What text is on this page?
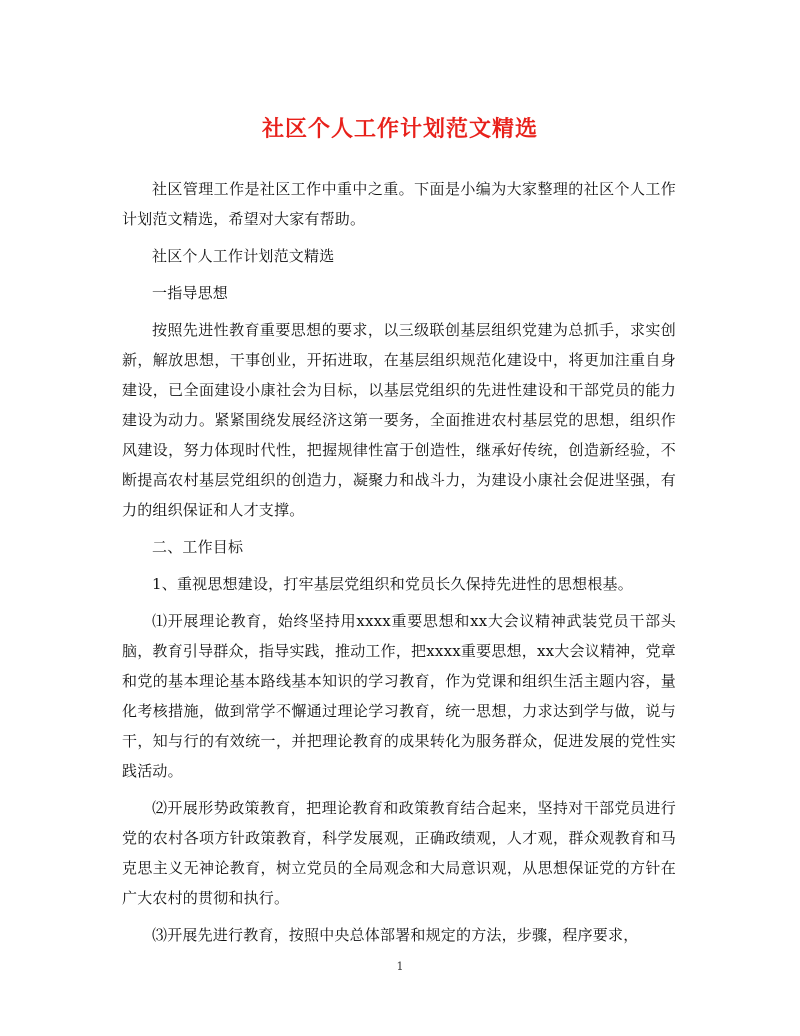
社区个人工作计划范文精选

社区管理工作是社区工作中重中之重。下面是小编为大家整理的社区个人工作计划范文精选，希望对大家有帮助。

社区个人工作计划范文精选

一指导思想

按照先进性教育重要思想的要求，以三级联创基层组织党建为总抓手，求实创新，解放思想，干事创业，开拓进取，在基层组织规范化建设中，将更加注重自身建设，已全面建设小康社会为目标，以基层党组织的先进性建设和干部党员的能力建设为动力。紧紧围绕发展经济这第一要务，全面推进农村基层党的思想，组织作风建设，努力体现时代性，把握规律性富于创造性，继承好传统，创造新经验，不断提高农村基层党组织的创造力，凝聚力和战斗力，为建设小康社会促进坚强，有力的组织保证和人才支撑。

二、工作目标

1、重视思想建设，打牢基层党组织和党员长久保持先进性的思想根基。

⑴开展理论教育，始终坚持用xxxx重要思想和xx大会议精神武装党员干部头脑，教育引导群众，指导实践，推动工作，把xxxx重要思想，xx大会议精神，党章和党的基本理论基本路线基本知识的学习教育，作为党课和组织生活主题内容，量化考核措施，做到常学不懈通过理论学习教育，统一思想，力求达到学与做，说与干，知与行的有效统一，并把理论教育的成果转化为服务群众，促进发展的党性实践活动。

⑵开展形势政策教育，把理论教育和政策教育结合起来，坚持对干部党员进行党的农村各项方针政策教育，科学发展观，正确政绩观，人才观，群众观教育和马克思主义无神论教育，树立党员的全局观念和大局意识观，从思想保证党的方针在广大农村的贯彻和执行。

⑶开展先进行教育，按照中央总体部署和规定的方法，步骤，程序要求，

1
